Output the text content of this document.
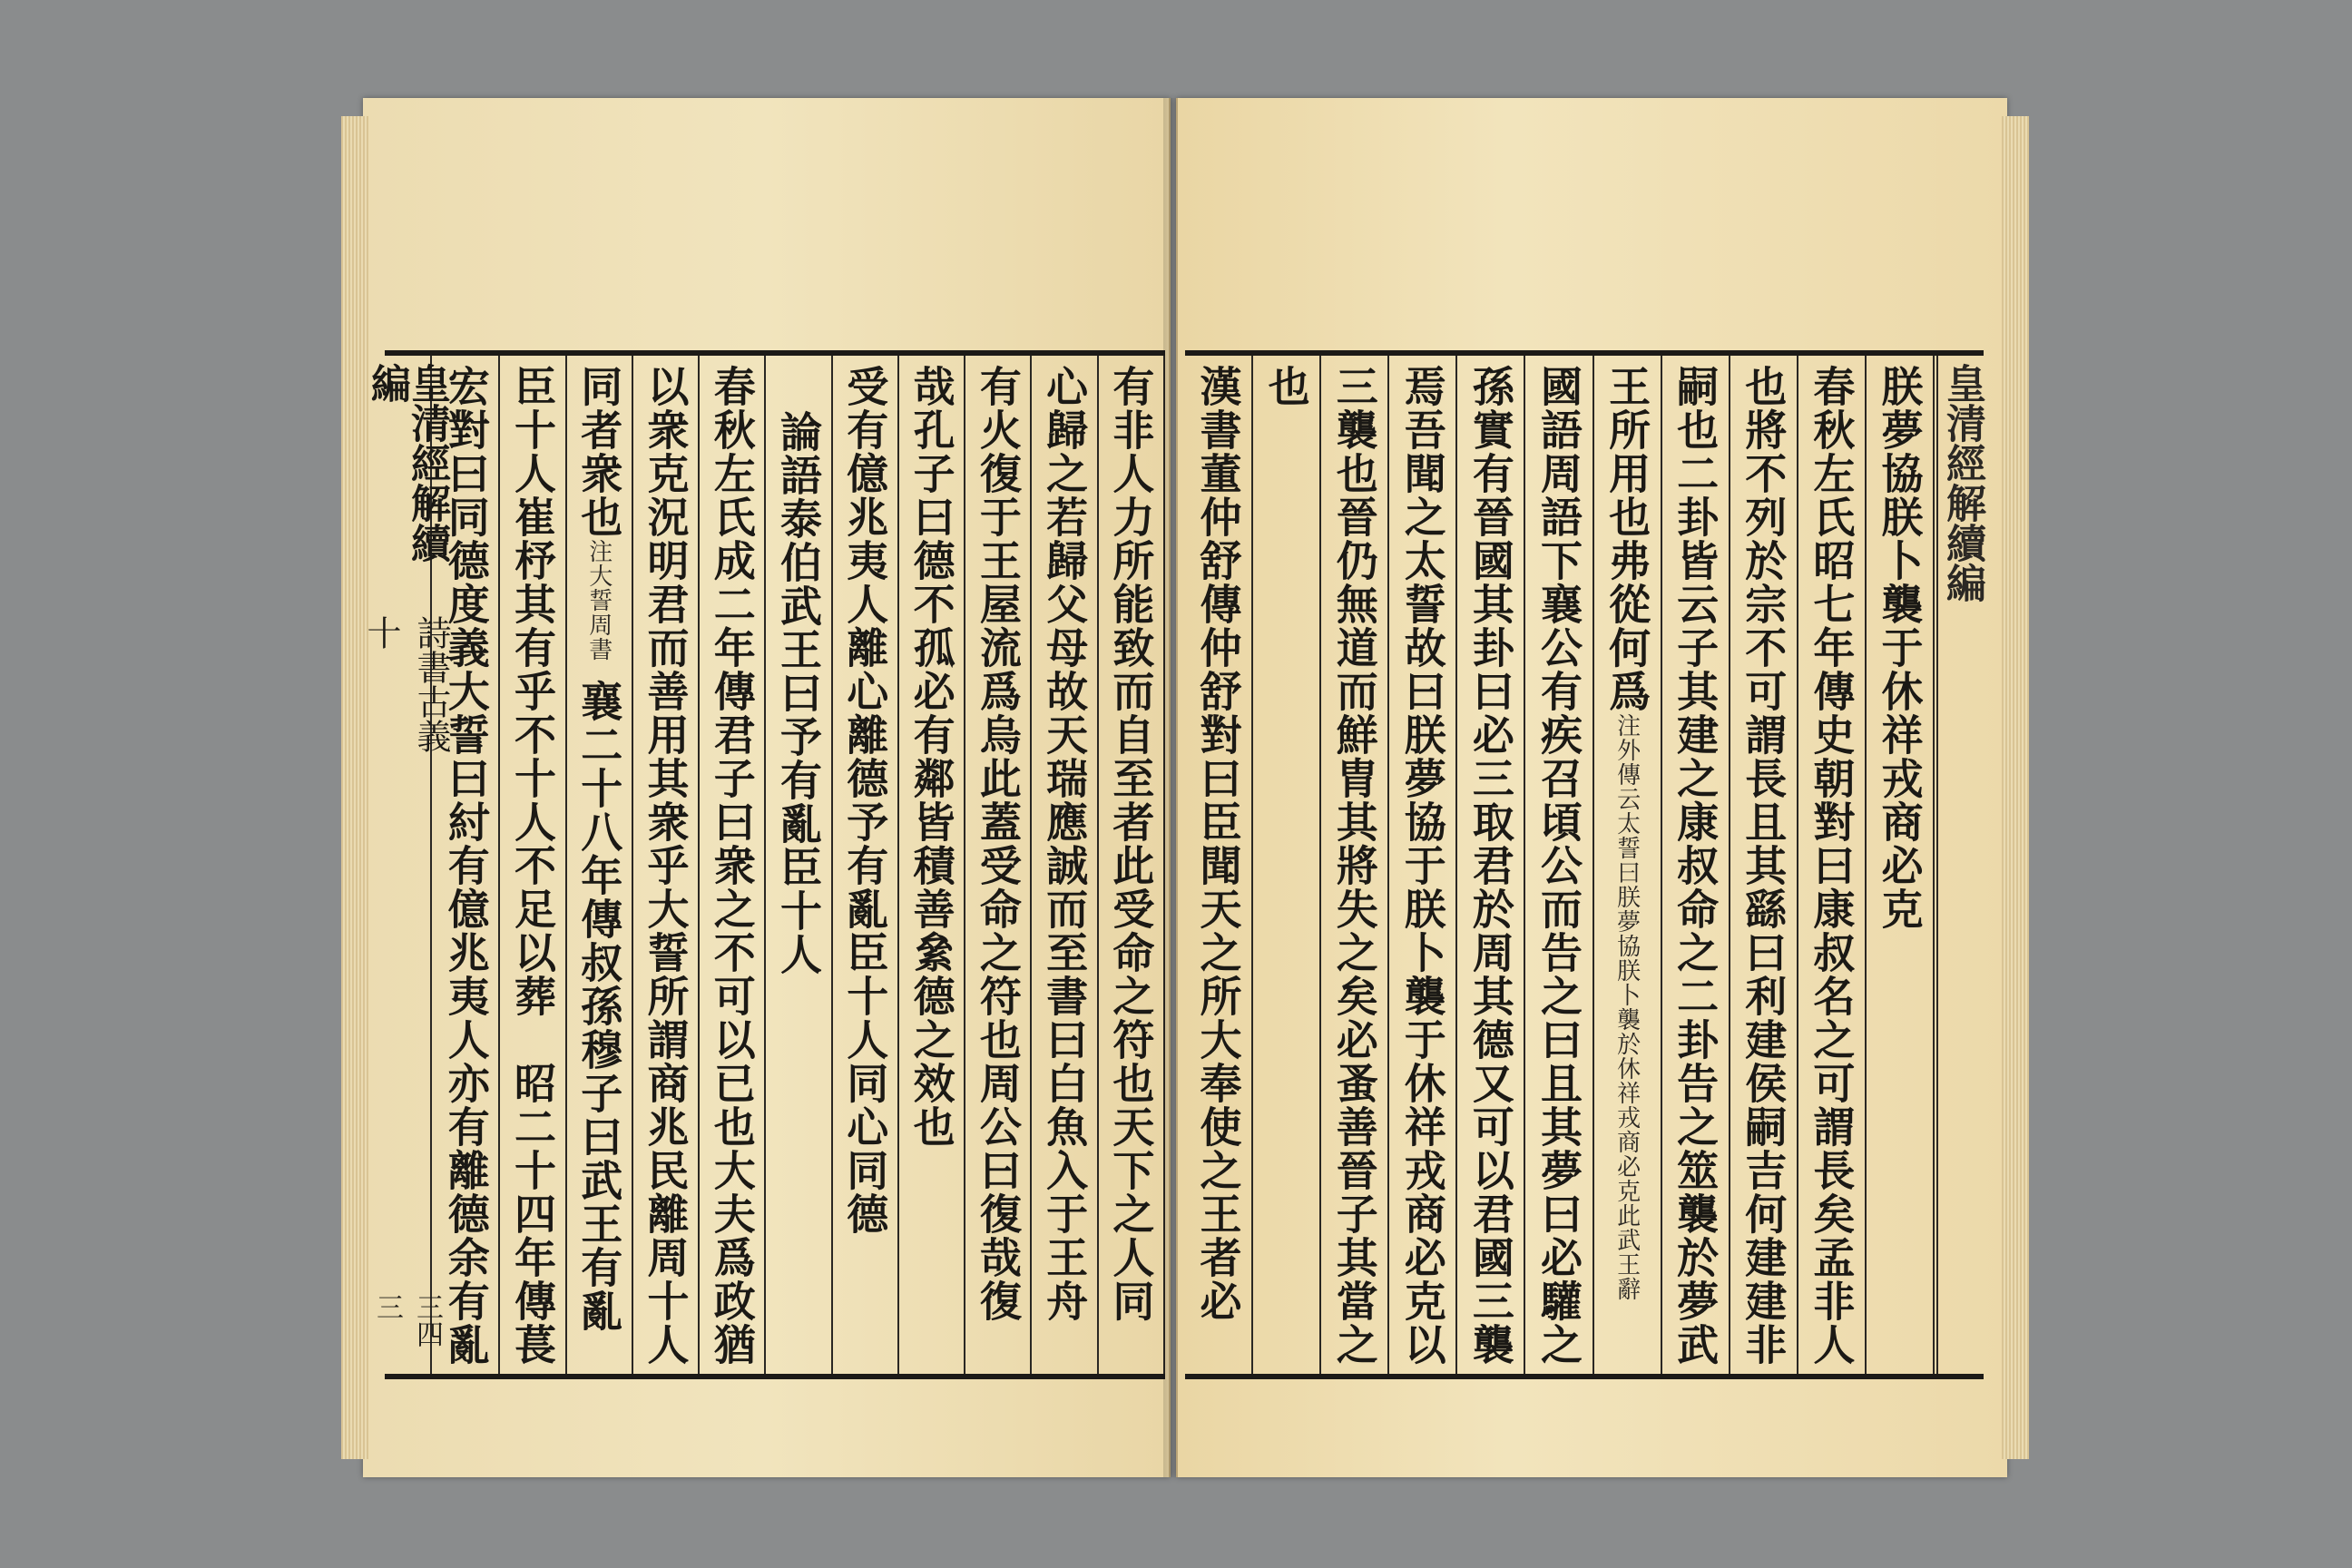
皇清經解續編
詩書古義十
三四三	有非人力所能致而自至者此受命之符也天下之人同
心歸之若歸父母故天瑞應誠而至書曰白魚入于王舟
有火復于王屋流爲烏此蓋受命之符也周公曰復哉復
哉孔子曰德不孤必有鄰皆積善絫德之效也
受有億兆夷人離心離德予有亂臣十人同心同德
論語泰伯武王曰予有亂臣十人
春秋左氏成二年傳君子曰衆之不可以已也大夫爲政猶
以衆克況明君而善用其衆乎大誓所謂商兆民離周十人
同者衆也
注大誓周書
襄二十八年傳叔孫穆子曰武王有亂
臣十人崔杼其有乎不十人不足以葬　昭二十四年傳萇
宏對曰同德度義大誓曰紂有億兆夷人亦有離德余有亂	皇清經解續編
朕夢協朕卜襲于休祥戎商必克
春秋左氏昭七年傳史朝對曰康叔名之可謂長矣孟非人
也將不列於宗不可謂長且其繇曰利建侯嗣吉何建建非
嗣也二卦皆云子其建之康叔命之二卦告之筮襲於夢武
王所用也弗從何爲
注外傳云太誓曰朕夢協朕卜襲於休祥戎商必克此武王辭
國語周語下襄公有疾召頃公而告之曰且其夢曰必驩之
孫實有晉國其卦曰必三取君於周其德又可以君國三襲
焉吾聞之太誓故曰朕夢協于朕卜襲于休祥戎商必克以
三襲也晉仍無道而鮮胄其將失之矣必蚤善晉子其當之
也
漢書董仲舒傳仲舒對曰臣聞天之所大奉使之王者必
